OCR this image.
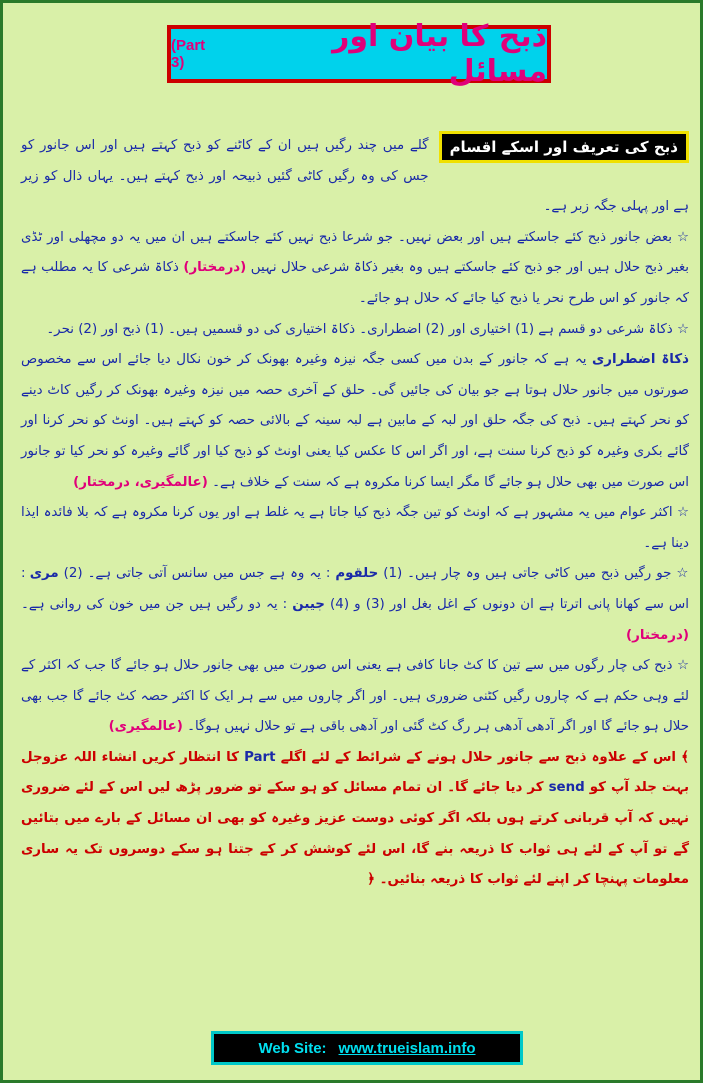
ذبح کا بیان اور مسائل
(Part 3)

ذبح کی تعریف اور اسکے اقسام
گلے میں چند رگیں ہیں ان کے کاٹنے کو ذبح کہتے ہیں اور اس جانور کو جس کی وہ رگیں کاٹی گئیں ذبیحہ اور ذبح کہتے ہیں۔ یہاں ذال کو زیر ہے اور پہلی جگہ زبر ہے۔

☆ بعض جانور ذبح کئے جاسکتے ہیں اور بعض نہیں۔ جو شرعا ذبح نہیں کئے جاسکتے ہیں ان میں یہ دو مچھلی اور ٹڈی بغیر ذبح حلال ہیں اور جو ذبح کئے جاسکتے ہیں وہ بغیر ذکاۃ شرعی حلال نہیں (درمختار) ذکاۃ شرعی کا یہ مطلب ہے کہ جانور کو اس طرح نحر یا ذبح کیا جائے کہ حلال ہو جائے۔

☆ ذکاۃ شرعی دو قسم ہے (1) اختیاری اور (2) اضطراری۔ ذکاۃ اختیاری کی دو قسمیں ہیں۔ (1) ذبح اور (2) نحر۔

ذکاۃ اضطراری یہ ہے کہ جانور کے بدن میں کسی جگہ نیزہ وغیرہ بھونک کر خون نکال دیا جائے اس سے مخصوص صورتوں میں جانور حلال ہوتا ہے جو بیان کی جائیں گی۔ حلق کے آخری حصہ میں نیزہ وغیرہ بھونک کر رگیں کاٹ دینے کو نحر کہتے ہیں۔ ذبح کی جگہ حلق اور لبہ کے مابین ہے لبہ سینہ کے بالائی حصہ کو کہتے ہیں۔ اونٹ کو نحر کرنا اور گائے بکری وغیرہ کو ذبح کرنا سنت ہے، اور اگر اس کا عکس کیا یعنی اونٹ کو ذبح کیا اور گائے وغیرہ کو نحر کیا تو جانور اس صورت میں بھی حلال ہو جائے گا مگر ایسا کرنا مکروہ ہے کہ سنت کے خلاف ہے۔ (عالمگیری، درمختار)

☆ اکثر عوام میں یہ مشہور ہے کہ اونٹ کو تین جگہ ذبح کیا جاتا ہے یہ غلط ہے اور یوں کرنا مکروہ ہے کہ بلا فائدہ ایذا دینا ہے۔

☆ جو رگیں ذبح میں کاٹی جاتی ہیں وہ چار ہیں۔ (1) حلقوم : یہ وہ ہے جس میں سانس آتی جاتی ہے۔ (2) مری : اس سے کھانا پانی اترتا ہے ان دونوں کے اغل بغل اور (3) و (4) جیبن : یہ دو رگیں ہیں جن میں خون کی روانی ہے۔ (درمختار)

☆ ذبح کی چار رگوں میں سے تین کا کٹ جانا کافی ہے یعنی اس صورت میں بھی جانور حلال ہو جائے گا جب کہ اکثر کے لئے وہی حکم ہے کہ چاروں رگیں کٹنی ضروری ہیں۔ اور اگر چاروں میں سے ہر ایک کا اکثر حصہ کٹ جائے گا جب بھی حلال ہو جائے گا اور اگر آدھی آدھی ہر رگ کٹ گئی اور آدھی باقی ہے تو حلال نہیں ہوگا۔ (عالمگیری)

﴾ اس کے علاوہ ذبح سے جانور حلال ہونے کے شرائط کے لئے اگلے Part کا انتظار کریں انشاء اللہ عزوجل بہت جلد آپ کو send کر دیا جائے گا۔ ان تمام مسائل کو ہو سکے تو ضرور پڑھ لیں اس کے لئے ضروری نہیں کہ آپ قربانی کرتے ہوں بلکہ اگر کوئی دوست عزیز وغیرہ کو بھی ان مسائل کے بارے میں بتائیں گے تو آپ کے لئے ہی ثواب کا ذریعہ بنے گا، اس لئے کوشش کر کے جتنا ہو سکے دوسروں تک یہ ساری معلومات پہنچا کر اپنے لئے ثواب کا ذریعہ بنائیں۔ ﴿

Web Site: www.trueislam.info
